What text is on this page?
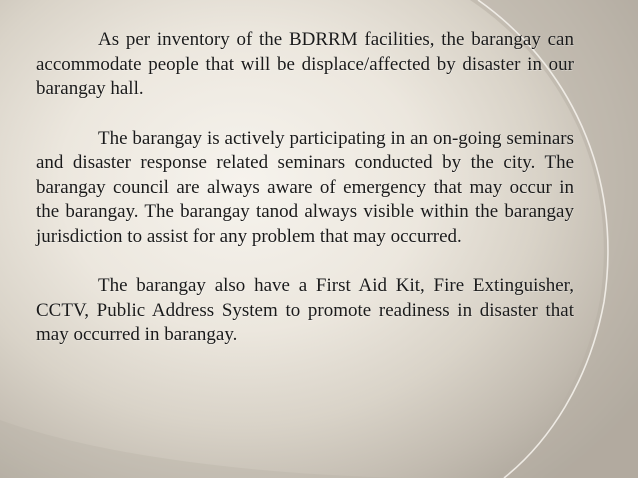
As per inventory of the BDRRM facilities, the barangay can accommodate people that will be displace/affected by disaster in our barangay hall.

The barangay is actively participating in an on-going seminars and disaster response related seminars conducted by the city. The barangay council are always aware of emergency that may occur in the barangay. The barangay tanod always visible within the barangay jurisdiction to assist for any problem that may occurred.

The barangay also have a First Aid Kit, Fire Extinguisher, CCTV, Public Address System to promote readiness in disaster that may occurred in barangay.
